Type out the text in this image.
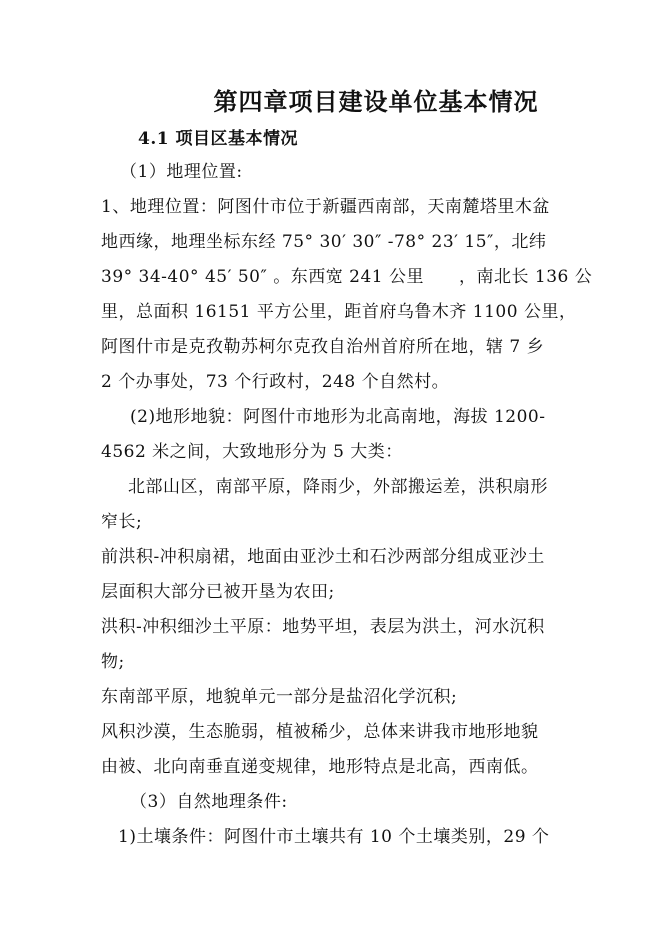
第四章项目建设单位基本情况
4.1 项目区基本情况
（1）地理位置:
1、地理位置：阿图什市位于新疆西南部，天南麓塔里木盆
地西缘，地理坐标东经 75° 30′ 30″ -78° 23′ 15″，北纬
39° 34-40° 45′ 50″ 。东西宽 241 公里　　，南北长 136 公
里，总面积 16151 平方公里，距首府乌鲁木齐 1100 公里，
阿图什市是克孜勒苏柯尔克孜自治州首府所在地，辖 7 乡
2 个办事处，73 个行政村，248 个自然村。
(2)地形地貌：阿图什市地形为北高南地，海拔 1200-
4562 米之间，大致地形分为 5 大类：
北部山区，南部平原，降雨少，外部搬运差，洪积扇形
窄长;
前洪积-冲积扇裙，地面由亚沙土和石沙两部分组成亚沙土
层面积大部分已被开垦为农田;
洪积-冲积细沙土平原：地势平坦，表层为洪土，河水沉积
物;
东南部平原，地貌单元一部分是盐沼化学沉积;
风积沙漠，生态脆弱，植被稀少，总体来讲我市地形地貌
由被、北向南垂直递变规律，地形特点是北高，西南低。
（3）自然地理条件:
1)土壤条件：阿图什市土壤共有 10 个土壤类别，29 个
